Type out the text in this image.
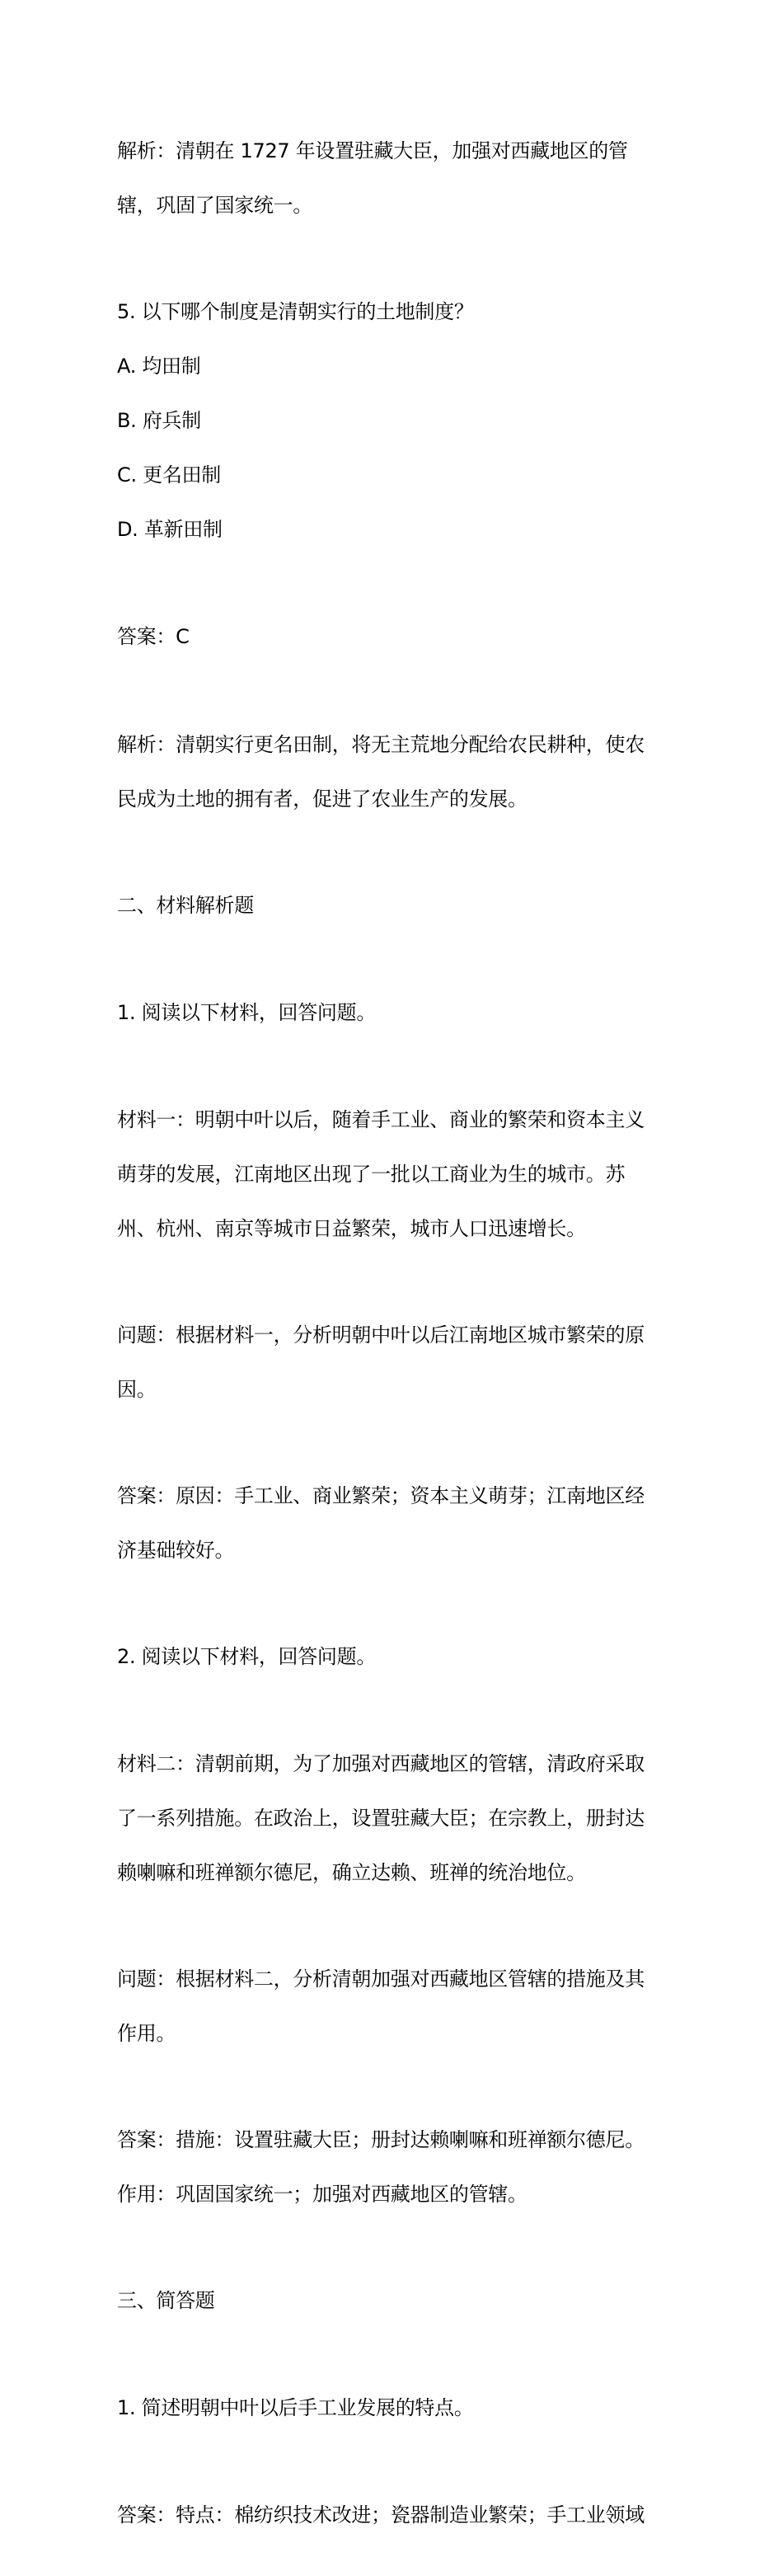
解析：清朝在 1727 年设置驻藏大臣，加强对西藏地区的管

辖，巩固了国家统一。

5. 以下哪个制度是清朝实行的土地制度？

A. 均田制

B. 府兵制

C. 更名田制

D. 革新田制

答案：C

解析：清朝实行更名田制，将无主荒地分配给农民耕种，使农

民成为土地的拥有者，促进了农业生产的发展。

二、材料解析题

1. 阅读以下材料，回答问题。

材料一：明朝中叶以后，随着手工业、商业的繁荣和资本主义

萌芽的发展，江南地区出现了一批以工商业为生的城市。苏

州、杭州、南京等城市日益繁荣，城市人口迅速增长。

问题：根据材料一，分析明朝中叶以后江南地区城市繁荣的原

因。

答案：原因：手工业、商业繁荣；资本主义萌芽；江南地区经

济基础较好。

2. 阅读以下材料，回答问题。

材料二：清朝前期，为了加强对西藏地区的管辖，清政府采取

了一系列措施。在政治上，设置驻藏大臣；在宗教上，册封达

赖喇嘛和班禅额尔德尼，确立达赖、班禅的统治地位。

问题：根据材料二，分析清朝加强对西藏地区管辖的措施及其

作用。

答案：措施：设置驻藏大臣；册封达赖喇嘛和班禅额尔德尼。

作用：巩固国家统一；加强对西藏地区的管辖。

三、简答题

1. 简述明朝中叶以后手工业发展的特点。

答案：特点：棉纺织技术改进；瓷器制造业繁荣；手工业领域
